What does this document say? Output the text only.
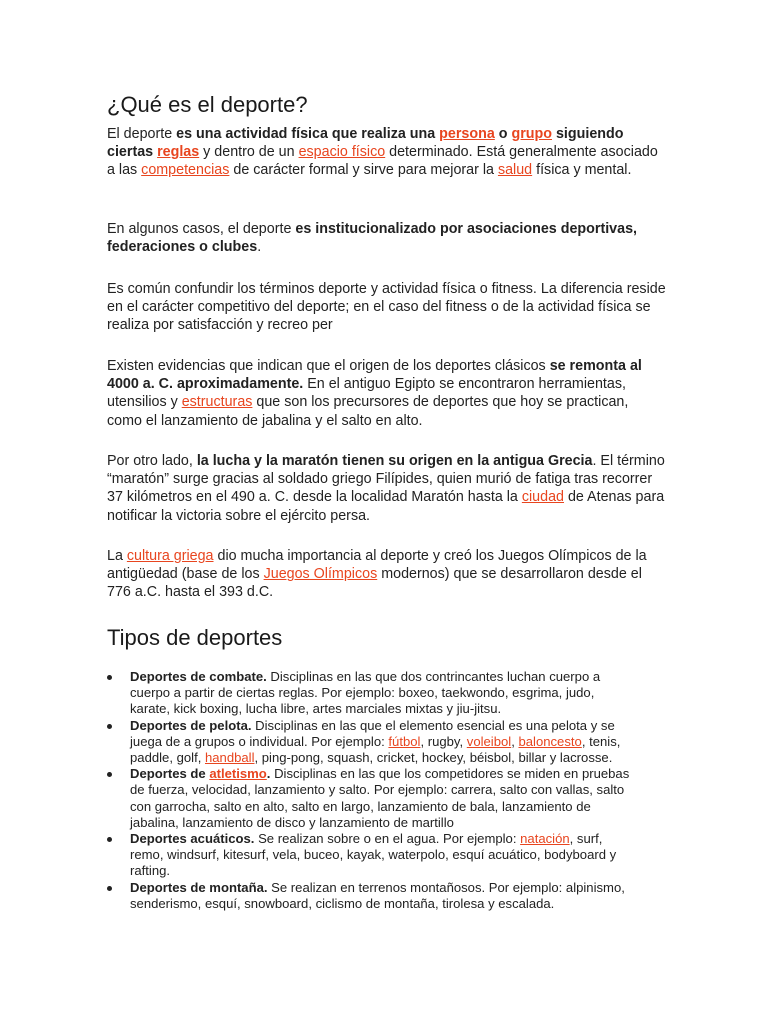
¿Qué es el deporte?

El deporte es una actividad física que realiza una persona o grupo siguiendo ciertas reglas y dentro de un espacio físico determinado. Está generalmente asociado a las competencias de carácter formal y sirve para mejorar la salud física y mental.

En algunos casos, el deporte es institucionalizado por asociaciones deportivas, federaciones o clubes.

Es común confundir los términos deporte y actividad física o fitness. La diferencia reside en el carácter competitivo del deporte; en el caso del fitness o de la actividad física se realiza por satisfacción y recreo per

Existen evidencias que indican que el origen de los deportes clásicos se remonta al 4000 a. C. aproximadamente. En el antiguo Egipto se encontraron herramientas, utensilios y estructuras que son los precursores de deportes que hoy se practican, como el lanzamiento de jabalina y el salto en alto.

Por otro lado, la lucha y la maratón tienen su origen en la antigua Grecia. El término “maratón” surge gracias al soldado griego Filípides, quien murió de fatiga tras recorrer 37 kilómetros en el 490 a. C. desde la localidad Maratón hasta la ciudad de Atenas para notificar la victoria sobre el ejército persa.

La cultura griega dio mucha importancia al deporte y creó los Juegos Olímpicos de la antigüedad (base de los Juegos Olímpicos modernos) que se desarrollaron desde el 776 a.C. hasta el 393 d.C.

Tipos de deportes
Deportes de combate. Disciplinas en las que dos contrincantes luchan cuerpo a cuerpo a partir de ciertas reglas. Por ejemplo: boxeo, taekwondo, esgrima, judo, karate, kick boxing, lucha libre, artes marciales mixtas y jiu-jitsu.
Deportes de pelota. Disciplinas en las que el elemento esencial es una pelota y se juega de a grupos o individual. Por ejemplo: fútbol, rugby, voleibol, baloncesto, tenis, paddle, golf, handball, ping-pong, squash, cricket, hockey, béisbol, billar y lacrosse.
Deportes de atletismo. Disciplinas en las que los competidores se miden en pruebas de fuerza, velocidad, lanzamiento y salto. Por ejemplo: carrera, salto con vallas, salto con garrocha, salto en alto, salto en largo, lanzamiento de bala, lanzamiento de jabalina, lanzamiento de disco y lanzamiento de martillo
Deportes acuáticos. Se realizan sobre o en el agua. Por ejemplo: natación, surf, remo, windsurf, kitesurf, vela, buceo, kayak, waterpolo, esquí acuático, bodyboard y rafting.
Deportes de montaña. Se realizan en terrenos montañosos. Por ejemplo: alpinismo, senderismo, esquí, snowboard, ciclismo de montaña, tirolesa y escalada.
